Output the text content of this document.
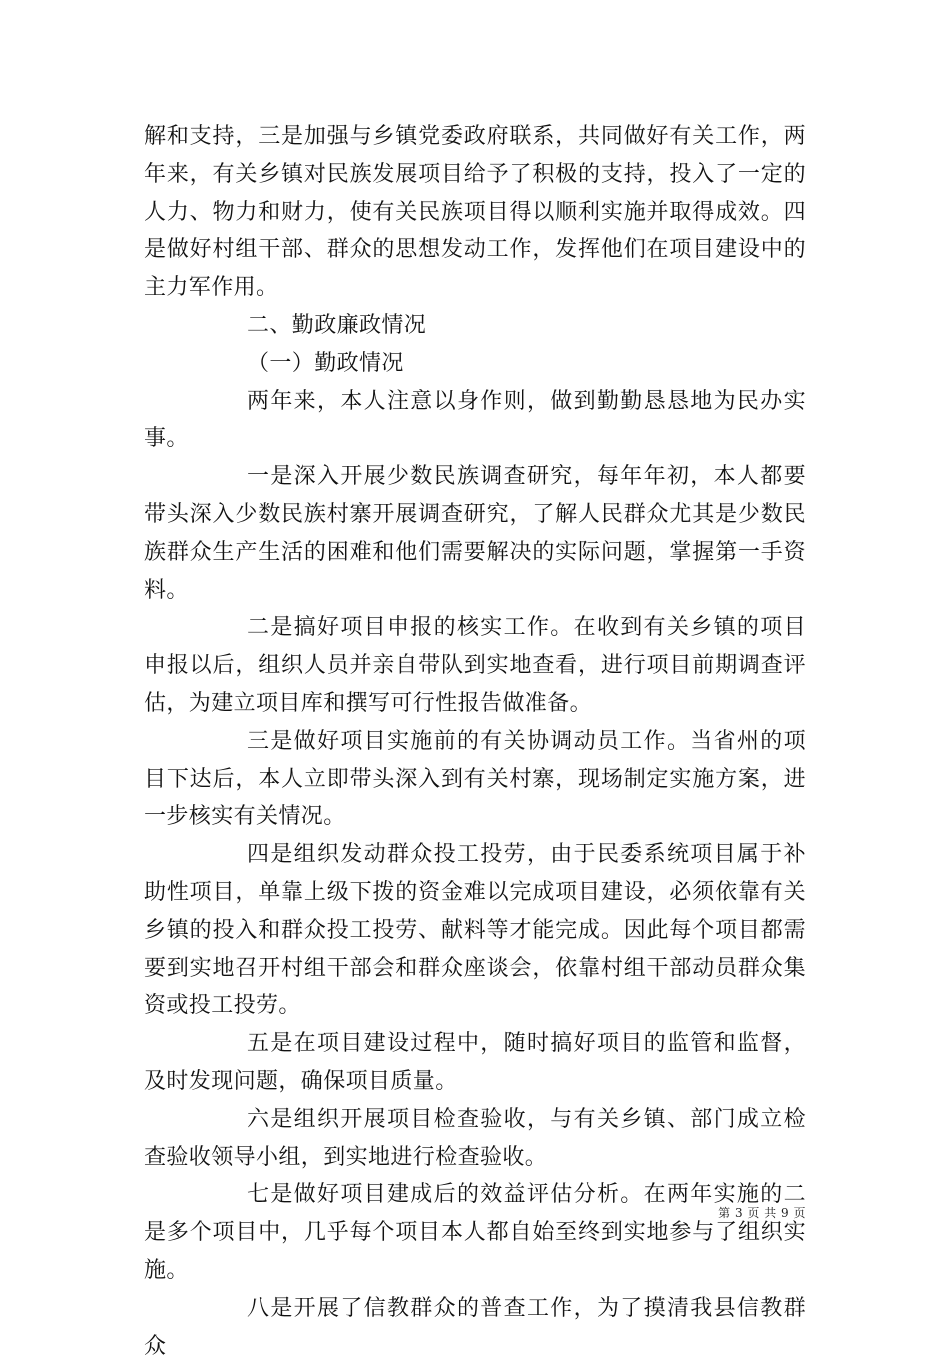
解和支持，三是加强与乡镇党委政府联系，共同做好有关工作，两年来，有关乡镇对民族发展项目给予了积极的支持，投入了一定的人力、物力和财力，使有关民族项目得以顺利实施并取得成效。四是做好村组干部、群众的思想发动工作，发挥他们在项目建设中的主力军作用。

二、勤政廉政情况

（一）勤政情况

两年来，本人注意以身作则，做到勤勤恳恳地为民办实事。

一是深入开展少数民族调查研究，每年年初，本人都要带头深入少数民族村寨开展调查研究，了解人民群众尤其是少数民族群众生产生活的困难和他们需要解决的实际问题，掌握第一手资料。

二是搞好项目申报的核实工作。在收到有关乡镇的项目申报以后，组织人员并亲自带队到实地查看，进行项目前期调查评估，为建立项目库和撰写可行性报告做准备。

三是做好项目实施前的有关协调动员工作。当省州的项目下达后，本人立即带头深入到有关村寨，现场制定实施方案，进一步核实有关情况。

四是组织发动群众投工投劳，由于民委系统项目属于补助性项目，单靠上级下拨的资金难以完成项目建设，必须依靠有关乡镇的投入和群众投工投劳、献料等才能完成。因此每个项目都需要到实地召开村组干部会和群众座谈会，依靠村组干部动员群众集资或投工投劳。

五是在项目建设过程中，随时搞好项目的监管和监督，及时发现问题，确保项目质量。

六是组织开展项目检查验收，与有关乡镇、部门成立检查验收领导小组，到实地进行检查验收。

七是做好项目建成后的效益评估分析。在两年实施的二是多个项目中，几乎每个项目本人都自始至终到实地参与了组织实施。

八是开展了信教群众的普查工作，为了摸清我县信教群众

第 3 页 共 9 页
